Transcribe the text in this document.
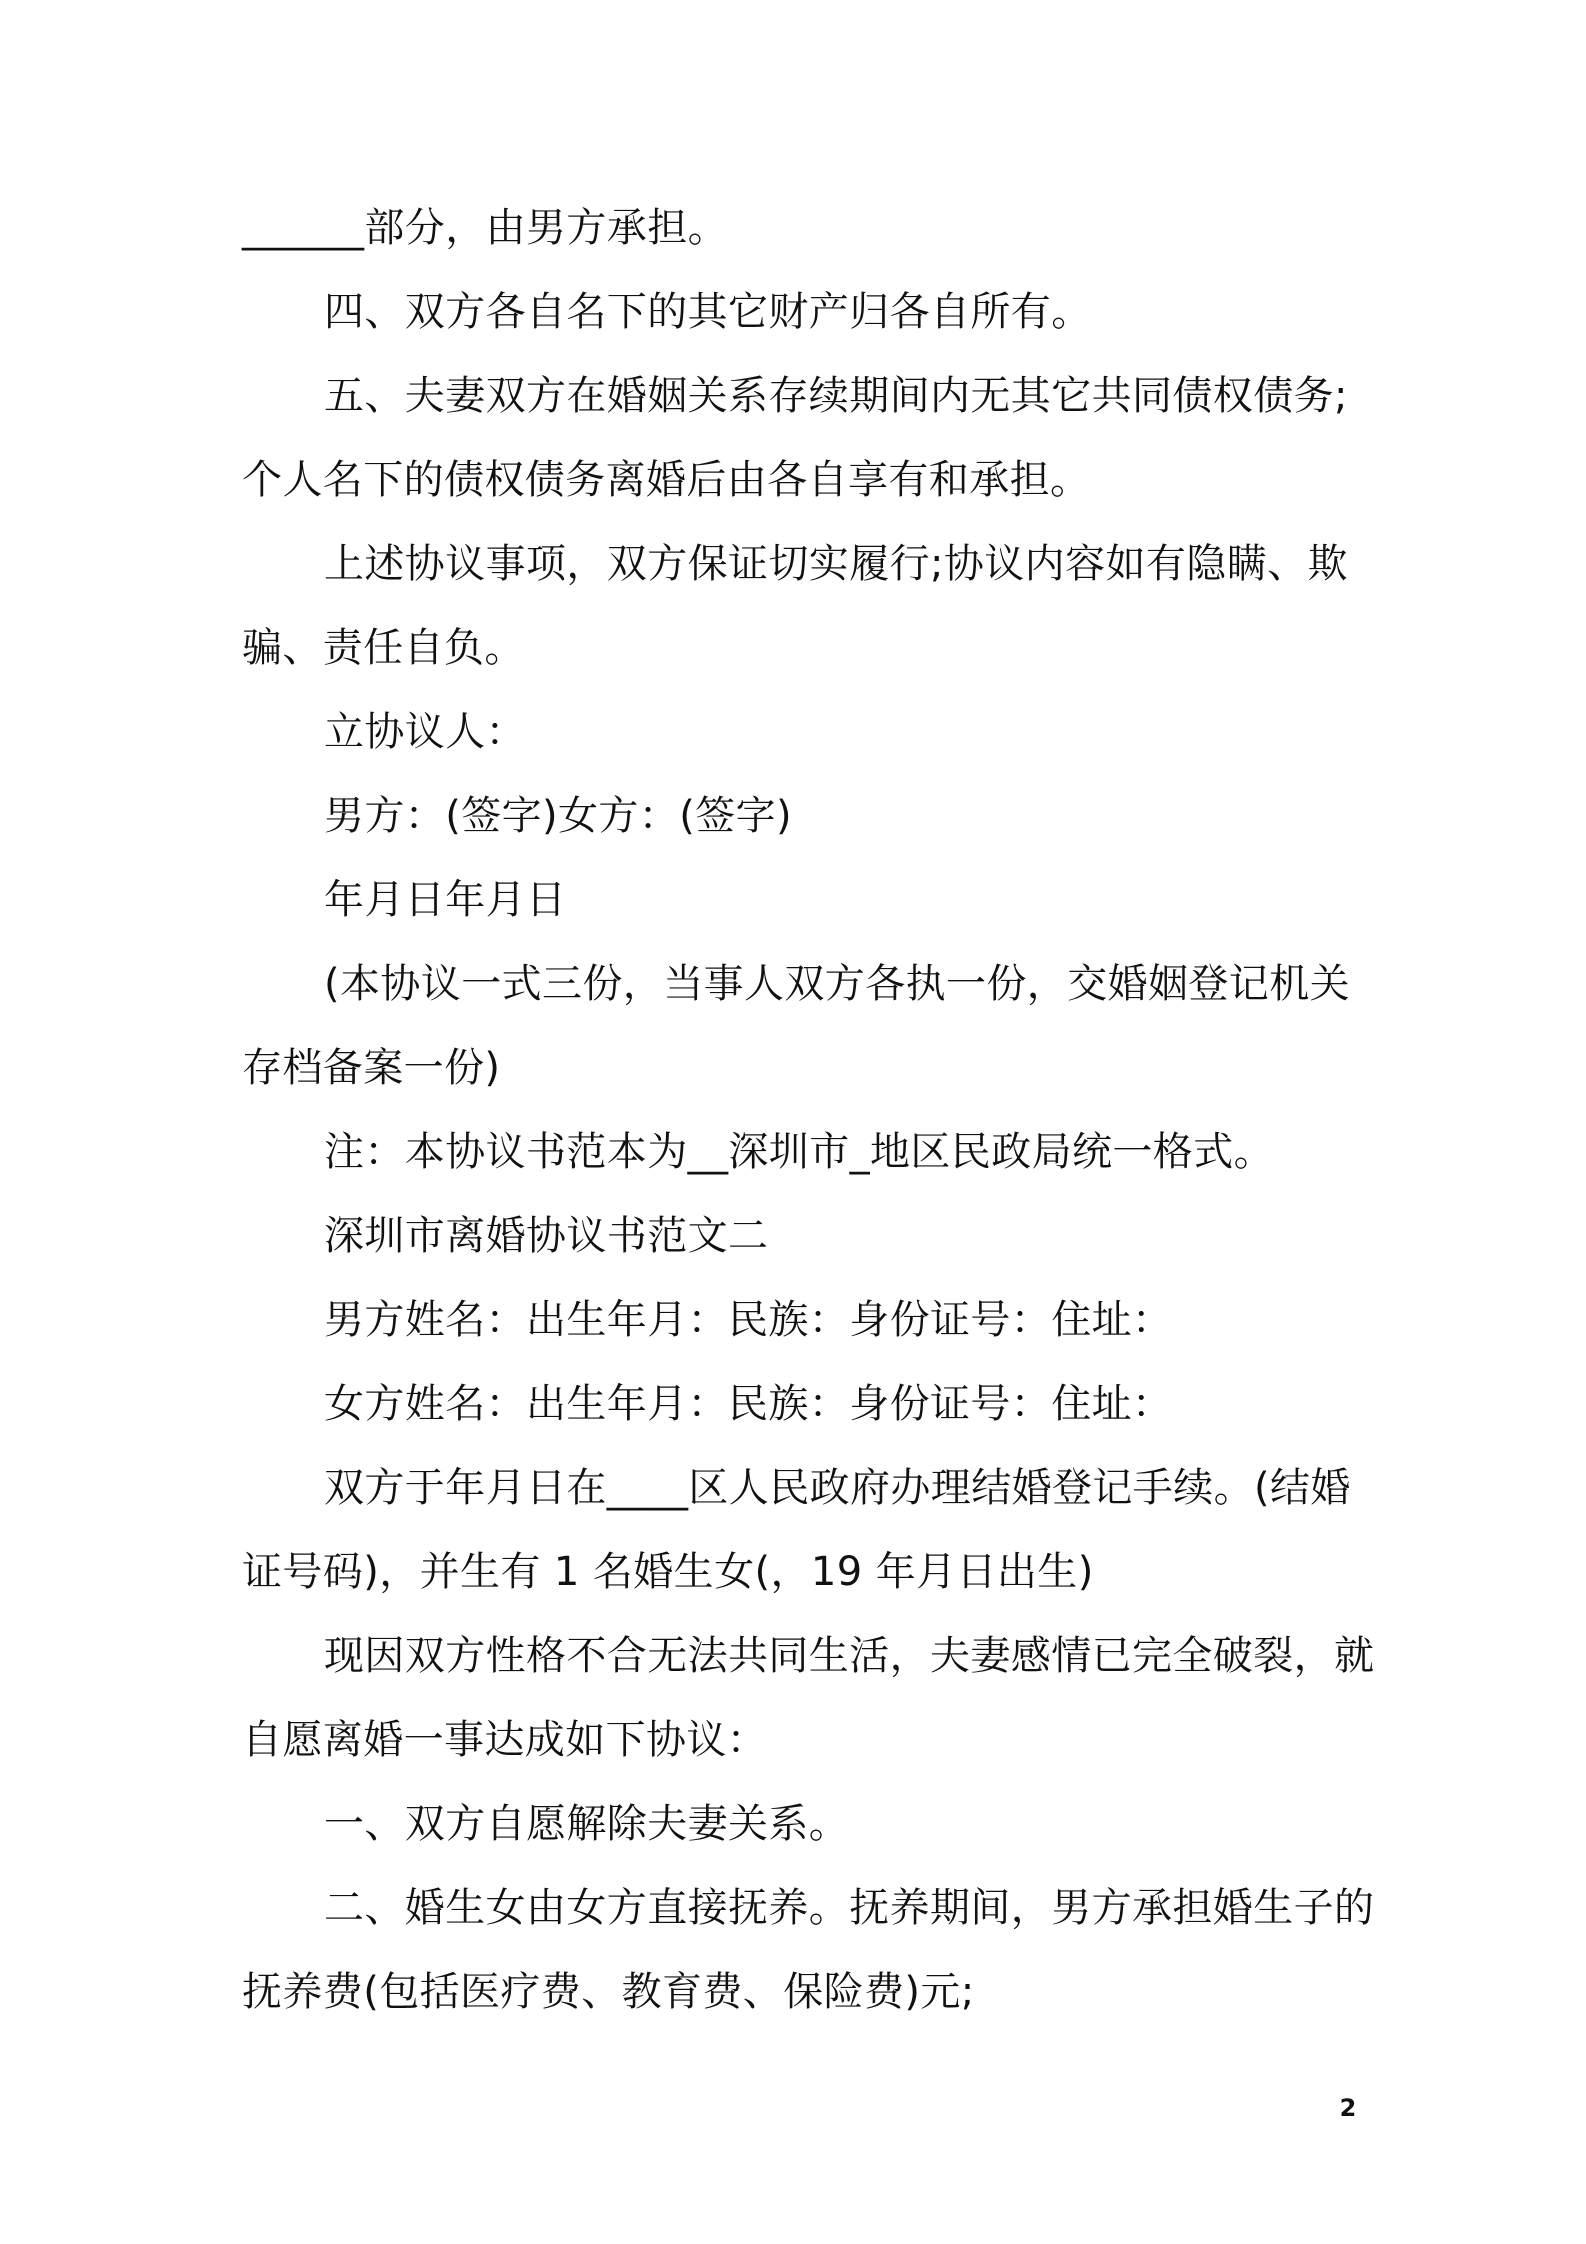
______部分，由男方承担。

四、双方各自名下的其它财产归各自所有。

五、夫妻双方在婚姻关系存续期间内无其它共同债权债务;
个人名下的债权债务离婚后由各自享有和承担。

上述协议事项，双方保证切实履行;协议内容如有隐瞒、欺
骗、责任自负。

立协议人：

男方：(签字)女方：(签字)

年月日年月日

(本协议一式三份，当事人双方各执一份，交婚姻登记机关
存档备案一份)

注：本协议书范本为__深圳市_地区民政局统一格式。

深圳市离婚协议书范文二

男方姓名：出生年月：民族：身份证号：住址：

女方姓名：出生年月：民族：身份证号：住址：

双方于年月日在____区人民政府办理结婚登记手续。(结婚
证号码)，并生有 1 名婚生女(，19 年月日出生)

现因双方性格不合无法共同生活，夫妻感情已完全破裂，就
自愿离婚一事达成如下协议：

一、双方自愿解除夫妻关系。

二、婚生女由女方直接抚养。抚养期间，男方承担婚生子的
抚养费(包括医疗费、教育费、保险费)元;

2
